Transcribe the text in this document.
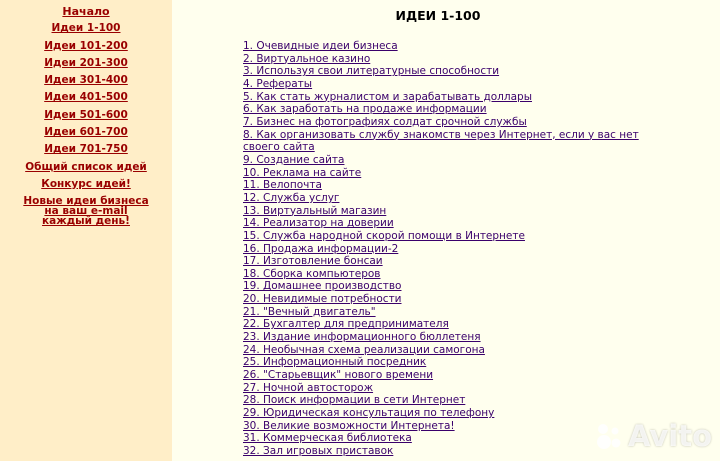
Начало
Идеи 1-100
Идеи 101-200
Идеи 201-300
Идеи 301-400
Идеи 401-500
Идеи 501-600
Идеи 601-700
Идеи 701-750
Общий список идей
Конкурс идей!
Новые идеи бизнеса на ваш e-mail каждый день!
ИДЕИ 1-100
1. Очевидные идеи бизнеса
2. Виртуальное казино
3. Используя свои литературные способности
4. Рефераты
5. Как стать журналистом и зарабатывать доллары
6. Как заработать на продаже информации
7. Бизнес на фотографиях солдат срочной службы
8. Как организовать службу знакомств через Интернет, если у вас нет своего сайта
9. Создание сайта
10. Реклама на сайте
11. Велопочта
12. Служба услуг
13. Виртуальный магазин
14. Реализатор на доверии
15. Служба народной скорой помощи в Интернете
16. Продажа информации-2
17. Изготовление бонсаи
18. Сборка компьютеров
19. Домашнее производство
20. Невидимые потребности
21. "Вечный двигатель"
22. Бухгалтер для предпринимателя
23. Издание информационного бюллетеня
24. Необычная схема реализации самогона
25. Информационный посредник
26. "Старьевщик" нового времени
27. Ночной автосторож
28. Поиск информации в сети Интернет
29. Юридическая консультация по телефону
30. Великие возможности Интернета!
31. Коммерческая библиотека
32. Зал игровых приставок	Avito
